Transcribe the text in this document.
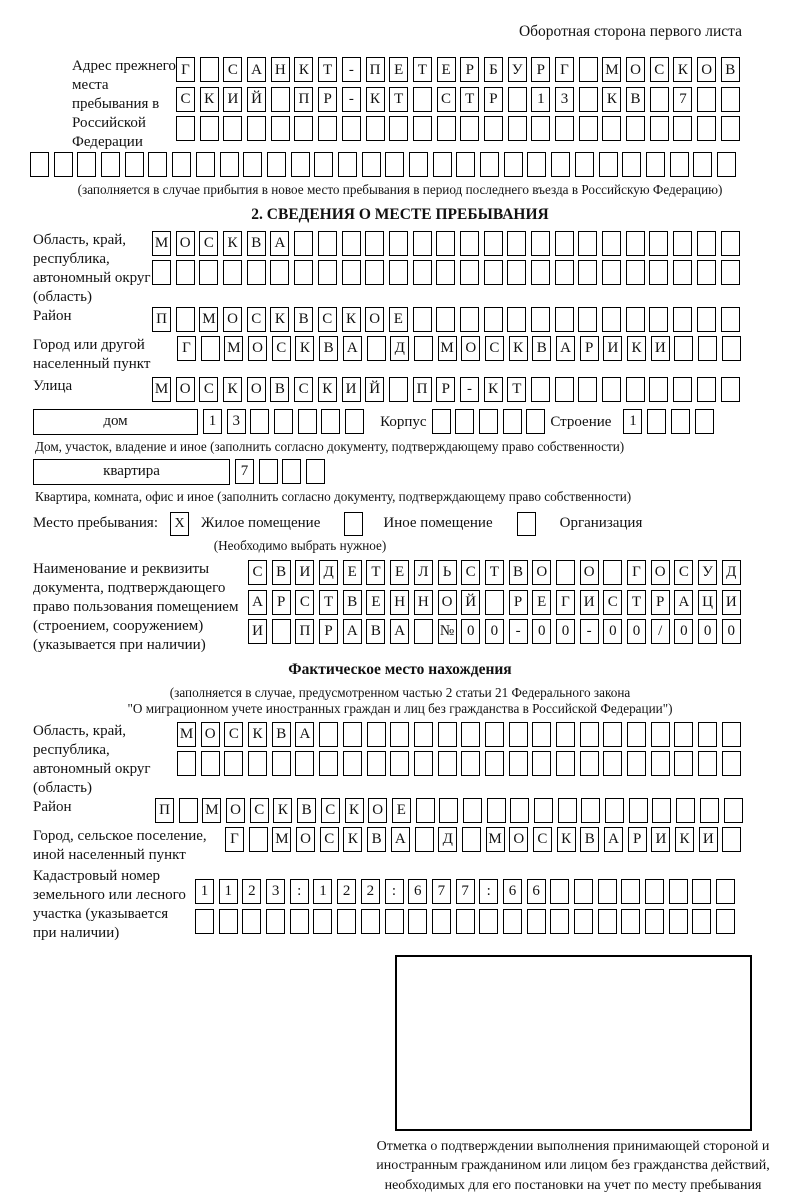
Оборотная сторона первого листа
Адрес прежнего места пребывания в Российской Федерации
Г	С А Н К Т	-	П Е Т Е Р	Б У Р	Г	М О С К О В
С К И Й П Р	-	К Т	С Т Р	1	3	К В	7
(заполняется в случае прибытия в новое место пребывания в период последнего въезда в Российскую Федерацию)
2. СВЕДЕНИЯ О МЕСТЕ ПРЕБЫВАНИЯ
Область, край, республика, автономный округ (область)
М О С К В А
Район	П М О С К В С К О Е
Город или другой населенный пункт
Г	М О С К В А Д М О С К В А Р И К И
Улица	М О С К О В С К И Й П Р	-	К Т
дом	1	3	Корпус	Строение	1
Дом, участок, владение и иное (заполнить согласно документу, подтверждающему право собственности)
квартира	7
Квартира, комната, офис и иное (заполнить согласно документу, подтверждающему право собственности)
Место пребывания:	X Жилое помещение	Иное помещение	Организация
(Необходимо выбрать нужное)
Наименование и реквизиты документа, подтверждающего право пользования помещением (строением, сооружением) (указывается при наличии)
С В И Д Е Т Е Л Ь С Т В О О	Г О С У Д
А Р С Т В Е Н Н О Й	Р Е Г И С Т Р А Ц И
И П Р А В А № 0	0	-	0	0	-	0	0	/	0	0	0
Фактическое место нахождения
(заполняется в случае, предусмотренном частью 2 статьи 21 Федерального закона
"О миграционном учете иностранных граждан и лиц без гражданства в Российской Федерации")
Область, край, республика, автономный округ (область)
М О С К В А
Район	П М О С К В С К О Е
Город, сельское поселение, иной населенный пункт
Г	М О С К В А Д М О С К В А Р И К И
Кадастровый номер земельного или лесного участка (указывается при наличии)
1	1	2	3	:	1	2	2	:	6	7	7	:	6	6
Отметка о подтверждении выполнения принимающей стороной и иностранным гражданином или лицом без гражданства действий, необходимых для его постановки на учет по месту пребывания
